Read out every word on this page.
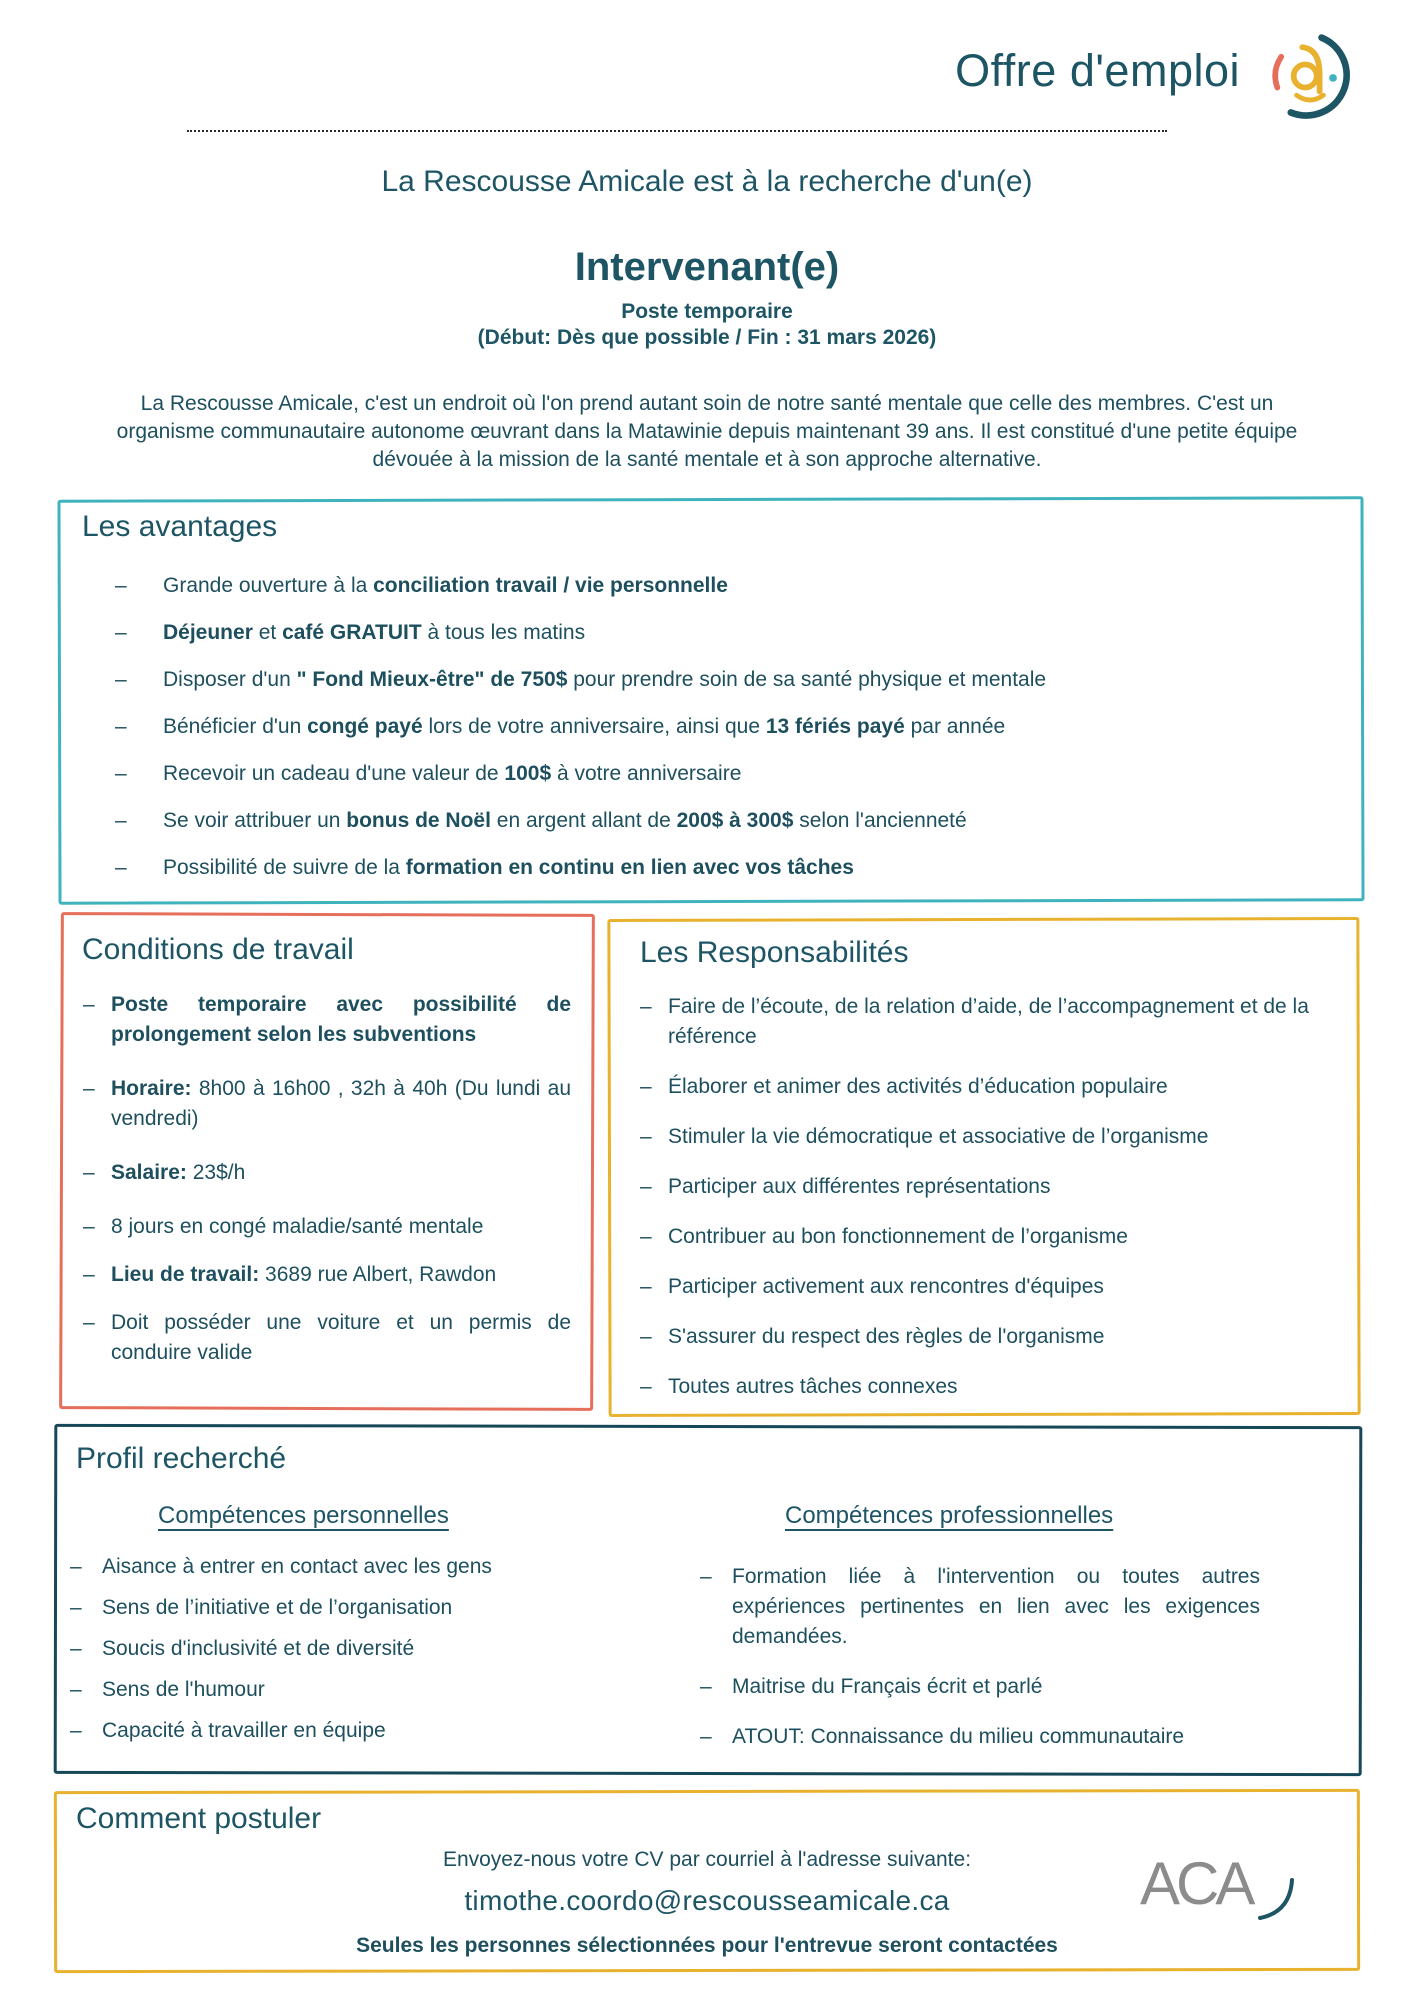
Offre d'emploi
La Rescousse Amicale est à la recherche d'un(e)
Intervenant(e)
Poste temporaire
(Début: Dès que possible / Fin : 31 mars 2026)
La Rescousse Amicale, c'est un endroit où l'on prend autant soin de notre santé mentale que celle des membres. C'est un organisme communautaire autonome œuvrant dans la Matawinie depuis maintenant 39 ans. Il est constitué d'une petite équipe dévouée à la mission de la santé mentale et à son approche alternative.
Les avantages
– Grande ouverture à la conciliation travail / vie personnelle
– Déjeuner et café GRATUIT à tous les matins
– Disposer d'un " Fond Mieux-être" de 750$ pour prendre soin de sa santé physique et mentale
– Bénéficier d'un congé payé lors de votre anniversaire, ainsi que 13 fériés payé par année
– Recevoir un cadeau d'une valeur de 100$ à votre anniversaire
– Se voir attribuer un bonus de Noël en argent allant de 200$ à 300$ selon l'ancienneté
– Possibilité de suivre de la formation en continu en lien avec vos tâches
Conditions de travail
– Poste temporaire avec possibilité de prolongement selon les subventions
– Horaire: 8h00 à 16h00 , 32h à 40h (Du lundi au vendredi)
– Salaire: 23$/h
– 8 jours en congé maladie/santé mentale
– Lieu de travail: 3689 rue Albert, Rawdon
– Doit posséder une voiture et un permis de conduire valide
Les Responsabilités
– Faire de l’écoute, de la relation d’aide, de l’accompagnement et de la référence
– Élaborer et animer des activités d’éducation populaire
– Stimuler la vie démocratique et associative de l’organisme
– Participer aux différentes représentations
– Contribuer au bon fonctionnement de l’organisme
– Participer activement aux rencontres d'équipes
– S'assurer du respect des règles de l'organisme
– Toutes autres tâches connexes
Profil recherché
Compétences personnelles	Compétences professionnelles
– Aisance à entrer en contact avec les gens
– Sens de l’initiative et de l’organisation
– Soucis d'inclusivité et de diversité
– Sens de l'humour
– Capacité à travailler en équipe
– Formation liée à l'intervention ou toutes autres expériences pertinentes en lien avec les exigences demandées.
– Maitrise du Français écrit et parlé
– ATOUT: Connaissance du milieu communautaire
Comment postuler
Envoyez-nous votre CV par courriel à l'adresse suivante:
timothe.coordo@rescousseamicale.ca
Seules les personnes sélectionnées pour l'entrevue seront contactées
ACA
